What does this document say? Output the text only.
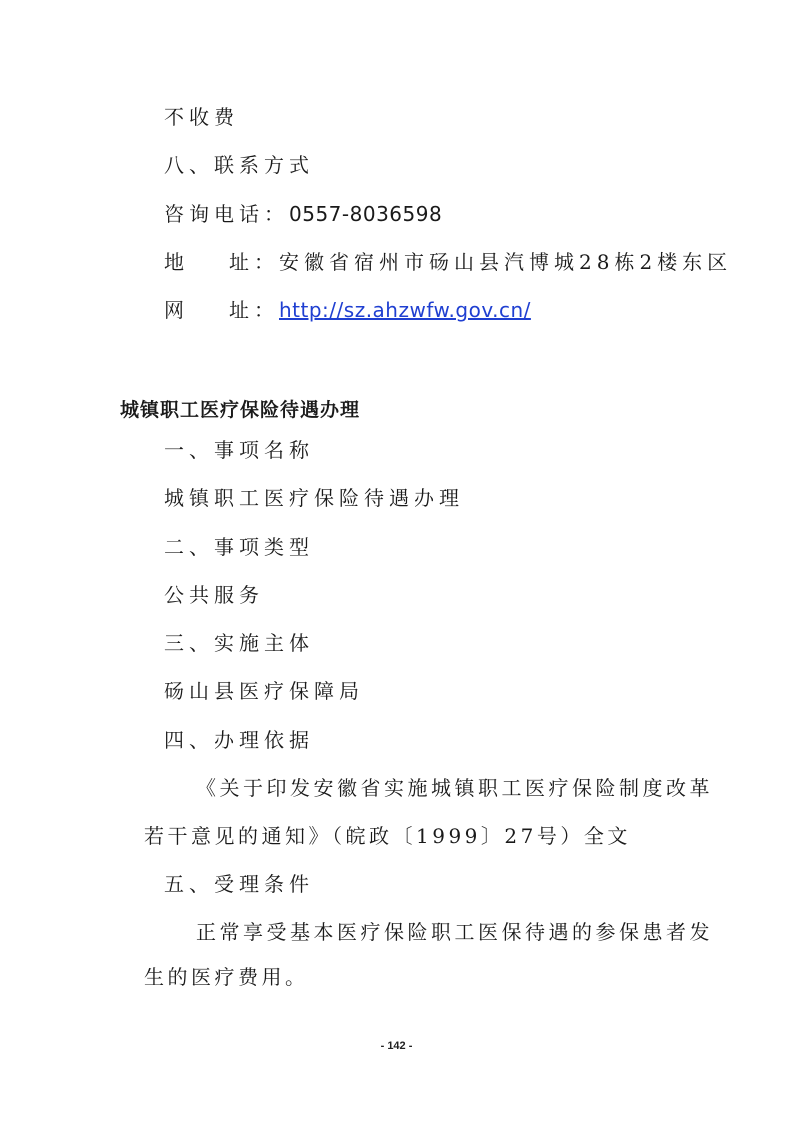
不收费
八、联系方式
咨询电话：0557-8036598
地 址：安徽省宿州市砀山县汽博城28栋2楼东区
网 址：http://sz.ahzwfw.gov.cn/
城镇职工医疗保险待遇办理
一、事项名称
城镇职工医疗保险待遇办理
二、事项类型
公共服务
三、实施主体
砀山县医疗保障局
四、办理依据
《关于印发安徽省实施城镇职工医疗保险制度改革
若干意见的通知》（皖政〔1999〕27号）全文
五、受理条件
正常享受基本医疗保险职工医保待遇的参保患者发
生的医疗费用。
- 142 -
